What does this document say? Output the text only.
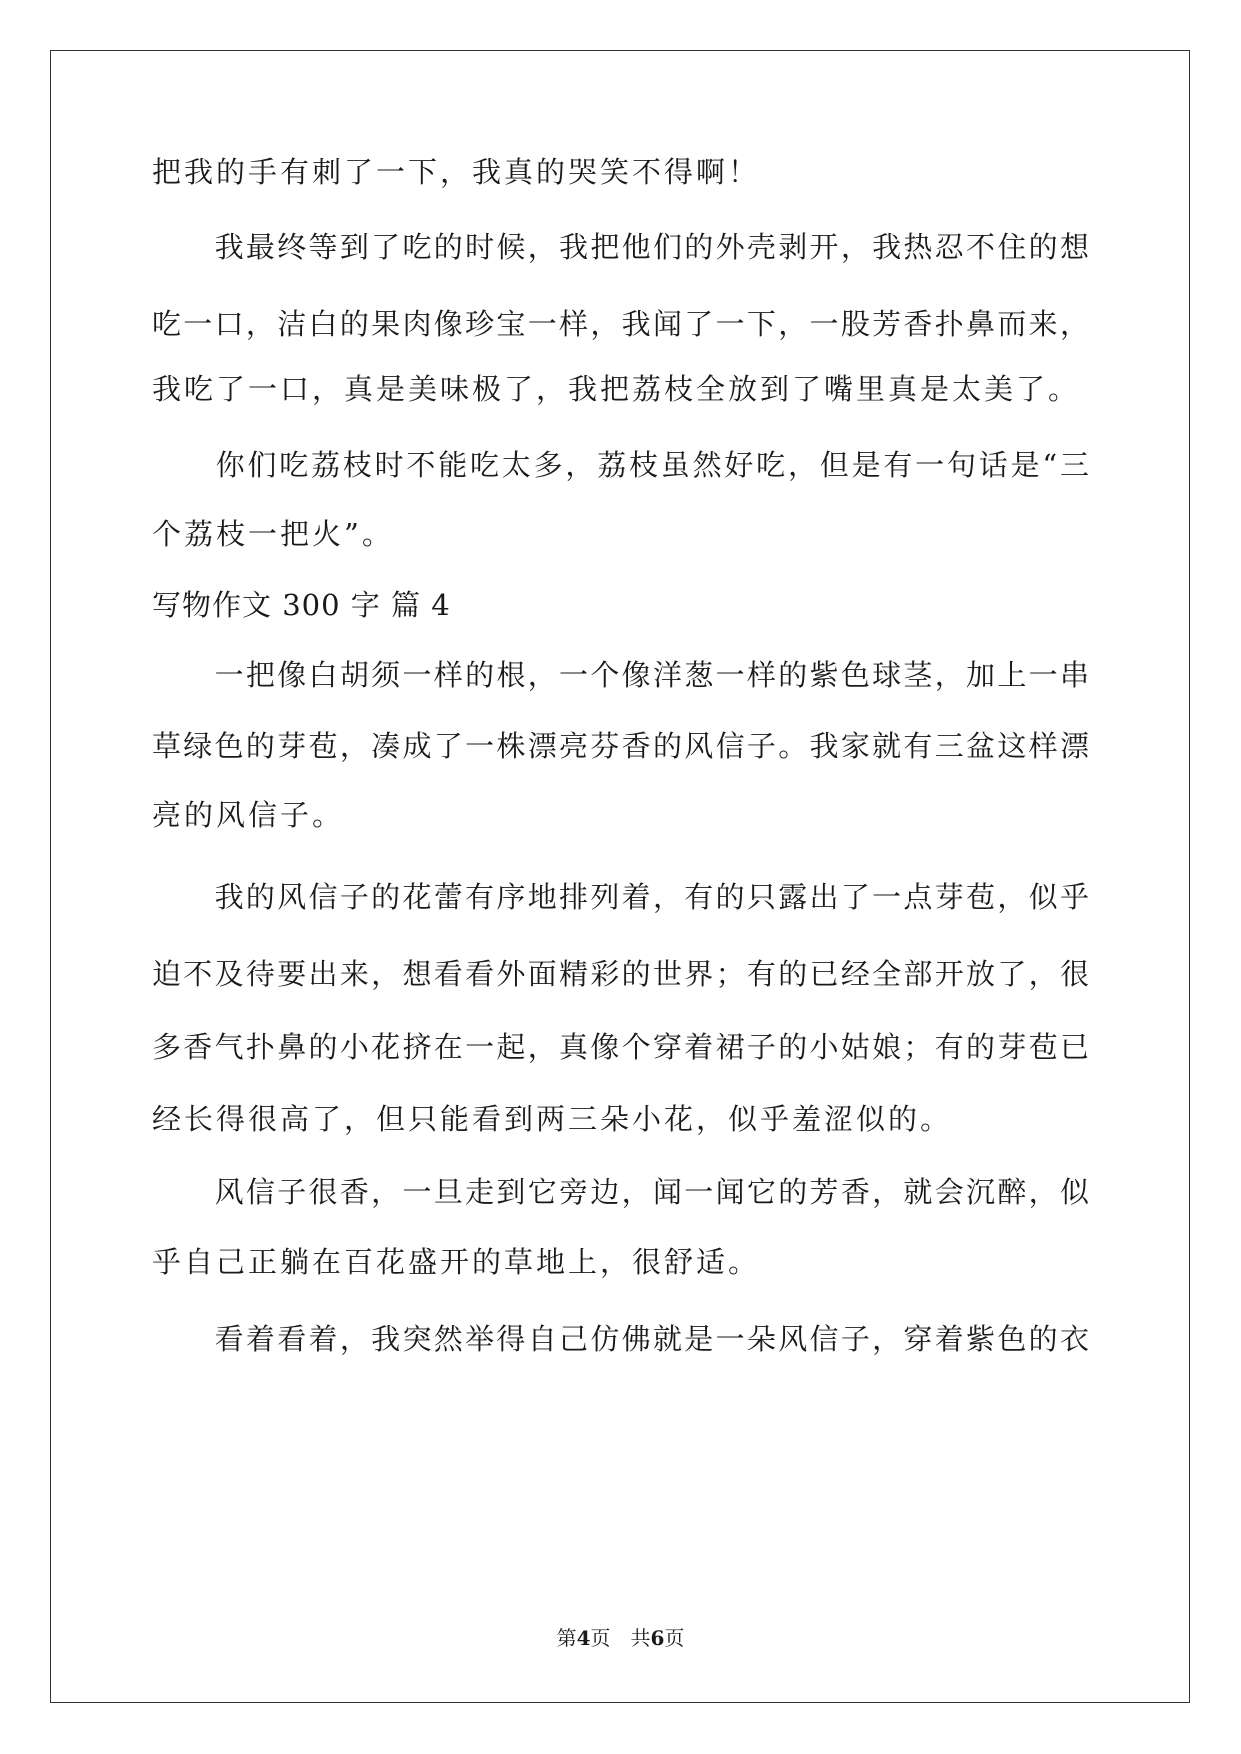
把我的手有刺了一下，我真的哭笑不得啊！
　　我最终等到了吃的时候，我把他们的外壳剥开，我热忍不住的想
吃一口，洁白的果肉像珍宝一样，我闻了一下，一股芳香扑鼻而来，
我吃了一口，真是美味极了，我把荔枝全放到了嘴里真是太美了。
　　你们吃荔枝时不能吃太多，荔枝虽然好吃，但是有一句话是“三
个荔枝一把火”。
写物作文 300 字 篇 4
　　一把像白胡须一样的根，一个像洋葱一样的紫色球茎，加上一串
草绿色的芽苞，凑成了一株漂亮芬香的风信子。我家就有三盆这样漂
亮的风信子。
　　我的风信子的花蕾有序地排列着，有的只露出了一点芽苞，似乎
迫不及待要出来，想看看外面精彩的世界；有的已经全部开放了，很
多香气扑鼻的小花挤在一起，真像个穿着裙子的小姑娘；有的芽苞已
经长得很高了，但只能看到两三朵小花，似乎羞涩似的。
　　风信子很香，一旦走到它旁边，闻一闻它的芳香，就会沉醉，似
乎自己正躺在百花盛开的草地上，很舒适。
　　看着看着，我突然举得自己仿佛就是一朵风信子，穿着紫色的衣
第4页　共6页
